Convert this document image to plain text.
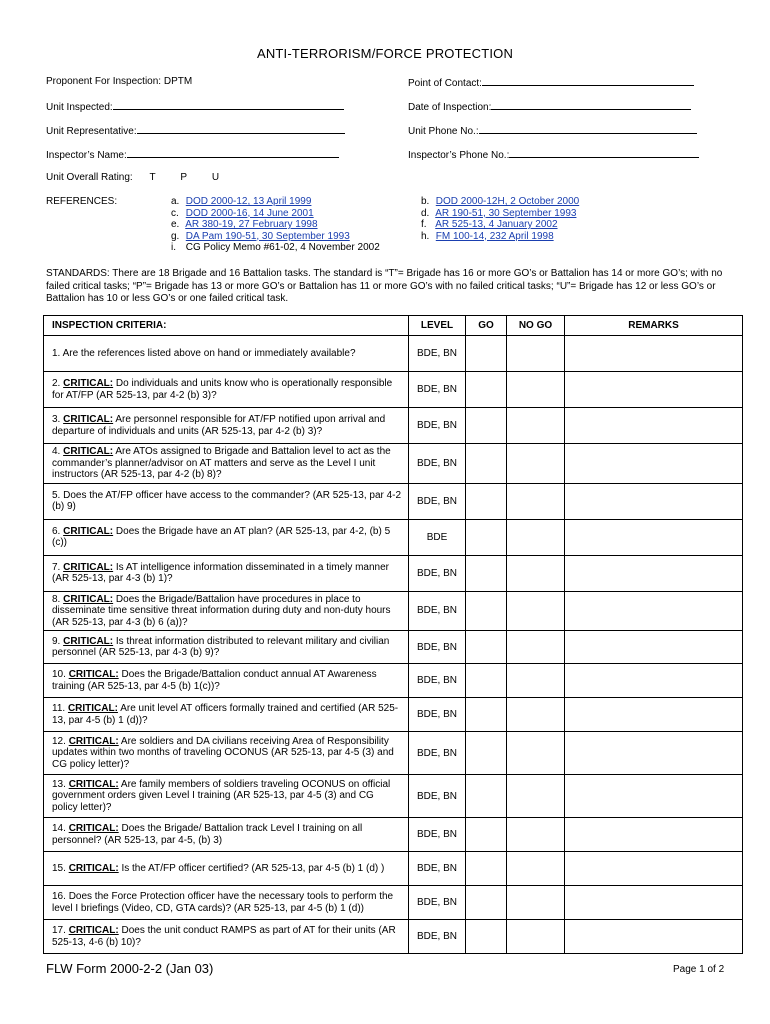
ANTI-TERRORISM/FORCE PROTECTION
Proponent For Inspection: DPTM	Point of Contact:
Unit Inspected:	Date of Inspection:
Unit Representative:	Unit Phone No.:
Inspector’s Name:	Inspector’s Phone No.:
Unit Overall Rating: T P U
REFERENCES:	a. DOD 2000-12, 13 April 1999
c. DOD 2000-16, 14 June 2001
e. AR 380-19, 27 February 1998
g. DA Pam 190-51, 30 September 1993
i. CG Policy Memo #61-02, 4 November 2002
b. DOD 2000-12H, 2 October 2000
d. AR 190-51, 30 September 1993
f. AR 525-13, 4 January 2002
h. FM 100-14, 232 April 1998
STANDARDS: There are 18 Brigade and 16 Battalion tasks. The standard is “T”= Brigade has 16 or more GO’s or Battalion has 14 or more GO’s; with no failed critical tasks; “P”= Brigade has 13 or more GO’s or Battalion has 11 or more GO’s with no failed critical tasks; “U”= Brigade has 12 or less GO’s or Battalion has 10 or less GO’s or one failed critical task.
INSPECTION CRITERIA:	LEVEL	GO	NO GO	REMARKS
1. Are the references listed above on hand or immediately available?	BDE, BN			
2. CRITICAL: Do individuals and units know who is operationally responsible for AT/FP (AR 525-13, par 4-2 (b) 3)?	BDE, BN			
3. CRITICAL: Are personnel responsible for AT/FP notified upon arrival and departure of individuals and units (AR 525-13, par 4-2 (b) 3)?	BDE, BN			
4. CRITICAL: Are ATOs assigned to Brigade and Battalion level to act as the commander’s planner/advisor on AT matters and serve as the Level I unit instructors (AR 525-13, par 4-2 (b) 8)?	BDE, BN			
5. Does the AT/FP officer have access to the commander? (AR 525-13, par 4-2 (b) 9)	BDE, BN			
6. CRITICAL: Does the Brigade have an AT plan? (AR 525-13, par 4-2, (b) 5 (c))	BDE			
7. CRITICAL: Is AT intelligence information disseminated in a timely manner (AR 525-13, par 4-3 (b) 1)?	BDE, BN			
8. CRITICAL: Does the Brigade/Battalion have procedures in place to disseminate time sensitive threat information during duty and non-duty hours (AR 525-13, par 4-3 (b) 6 (a))?	BDE, BN			
9. CRITICAL: Is threat information distributed to relevant military and civilian personnel (AR 525-13, par 4-3 (b) 9)?	BDE, BN			
10. CRITICAL: Does the Brigade/Battalion conduct annual AT Awareness training (AR 525-13, par 4-5 (b) 1(c))?	BDE, BN			
11. CRITICAL: Are unit level AT officers formally trained and certified (AR 525-13, par 4-5 (b) 1 (d))?	BDE, BN			
12. CRITICAL: Are soldiers and DA civilians receiving Area of Responsibility updates within two months of traveling OCONUS (AR 525-13, par 4-5 (3) and CG policy letter)?	BDE, BN			
13. CRITICAL: Are family members of soldiers traveling OCONUS on official government orders given Level I training (AR 525-13, par 4-5 (3) and CG policy letter)?	BDE, BN			
14. CRITICAL: Does the Brigade/ Battalion track Level I training on all personnel? (AR 525-13, par 4-5, (b) 3)	BDE, BN			
15. CRITICAL: Is the AT/FP officer certified? (AR 525-13, par 4-5 (b) 1 (d) )	BDE, BN			
16. Does the Force Protection officer have the necessary tools to perform the level I briefings (Video, CD, GTA cards)? (AR 525-13, par 4-5 (b) 1 (d))	BDE, BN			
17. CRITICAL: Does the unit conduct RAMPS as part of AT for their units (AR 525-13, 4-6 (b) 10)?	BDE, BN			
FLW Form 2000-2-2 (Jan 03)	Page 1 of 2
